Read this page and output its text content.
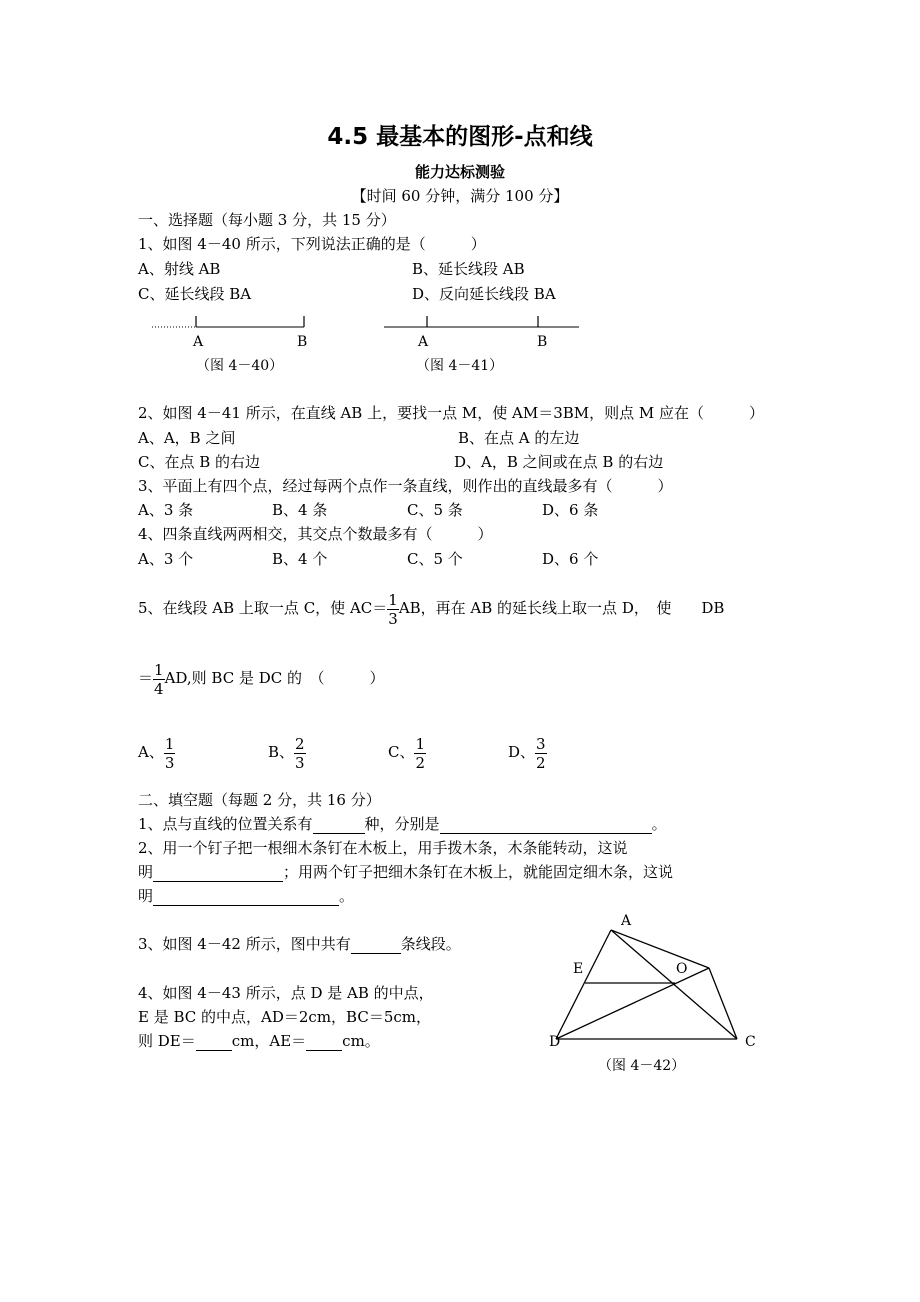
4.5 最基本的图形-点和线
能力达标测验
【时间 60 分钟，满分 100 分】
一、选择题（每小题 3 分，共 15 分）
1、如图 4－40 所示，下列说法正确的是（　　　）
A、射线 AB	B、延长线段 AB
C、延长线段 BA	D、反向延长线段 BA
A	B
（图 4－40）
A	B
（图 4－41）
2、如图 4－41 所示，在直线 AB 上，要找一点 M，使 AM＝3BM，则点 M 应在（　　　）
A、A，B 之间	B、在点 A 的左边
C、在点 B 的右边	D、A，B 之间或在点 B 的右边
3、平面上有四个点，经过每两个点作一条直线，则作出的直线最多有（　　　）
A、3 条	B、4 条	C、5 条	D、6 条
4、四条直线两两相交，其交点个数最多有（　　　）
A、3 个	B、4 个	C、5 个	D、6 个
5、在线段 AB 上取一点 C，使 $AC= \frac{1}{3}$ AB，再在 AB 的延长线上取一点 D，　使　　DB
＝ $\frac{1}{4}$ AD,则 BC 是 DC 的　（　　　）
A、 $\frac{1}{3}$	B、 $\frac{2}{3}$	C、 $\frac{1}{2}$	D、 $\frac{3}{2}$
二、填空题（每题 2 分，共 16 分）
1、点与直线的位置关系有	种，分别是	。
2、用一个钉子把一根细木条钉在木板上，用手拨木条，木条能转动，这说
明	；用两个钉子把细木条钉在木板上，就能固定细木条，这说
明	。
3、如图 4－42 所示，图中共有	条线段。
4、如图 4－43 所示，点 D 是 AB 的中点，
E 是 BC 的中点，AD＝2cm，BC＝5cm，
则 DE＝ cm，AE＝ cm。
A
E	O
D	C
（图 4－42）
